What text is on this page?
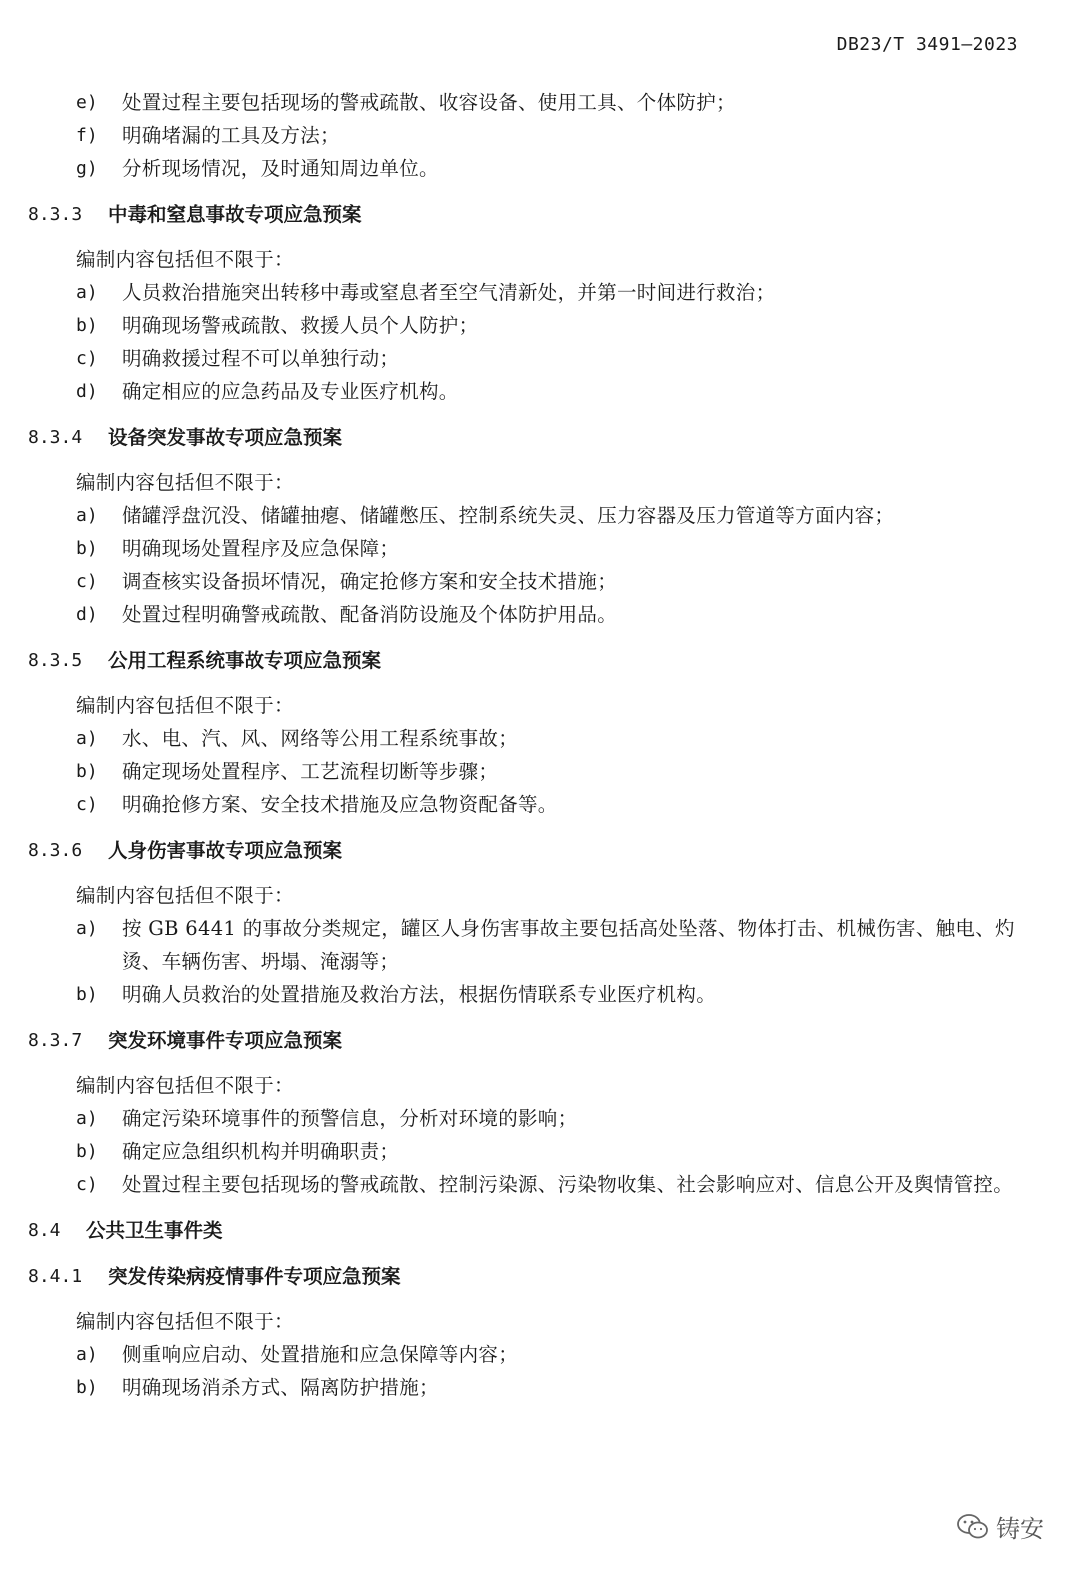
DB23/T 3491—2023
e)	处置过程主要包括现场的警戒疏散、收容设备、使用工具、个体防护；
f)	明确堵漏的工具及方法；
g)	分析现场情况，及时通知周边单位。
8.3.3	中毒和窒息事故专项应急预案
编制内容包括但不限于：
a)	人员救治措施突出转移中毒或窒息者至空气清新处，并第一时间进行救治；
b)	明确现场警戒疏散、救援人员个人防护；
c)	明确救援过程不可以单独行动；
d)	确定相应的应急药品及专业医疗机构。
8.3.4	设备突发事故专项应急预案
编制内容包括但不限于：
a)	储罐浮盘沉没、储罐抽瘪、储罐憋压、控制系统失灵、压力容器及压力管道等方面内容；
b)	明确现场处置程序及应急保障；
c)	调查核实设备损坏情况，确定抢修方案和安全技术措施；
d)	处置过程明确警戒疏散、配备消防设施及个体防护用品。
8.3.5	公用工程系统事故专项应急预案
编制内容包括但不限于：
a)	水、电、汽、风、网络等公用工程系统事故；
b)	确定现场处置程序、工艺流程切断等步骤；
c)	明确抢修方案、安全技术措施及应急物资配备等。
8.3.6	人身伤害事故专项应急预案
编制内容包括但不限于：
a)	按 GB 6441 的事故分类规定，罐区人身伤害事故主要包括高处坠落、物体打击、机械伤害、触电、灼烫、车辆伤害、坍塌、淹溺等；
b)	明确人员救治的处置措施及救治方法，根据伤情联系专业医疗机构。
8.3.7	突发环境事件专项应急预案
编制内容包括但不限于：
a)	确定污染环境事件的预警信息，分析对环境的影响；
b)	确定应急组织机构并明确职责；
c)	处置过程主要包括现场的警戒疏散、控制污染源、污染物收集、社会影响应对、信息公开及舆情管控。
8.4	公共卫生事件类
8.4.1	突发传染病疫情事件专项应急预案
编制内容包括但不限于：
a)	侧重响应启动、处置措施和应急保障等内容；
b)	明确现场消杀方式、隔离防护措施；
铸安
